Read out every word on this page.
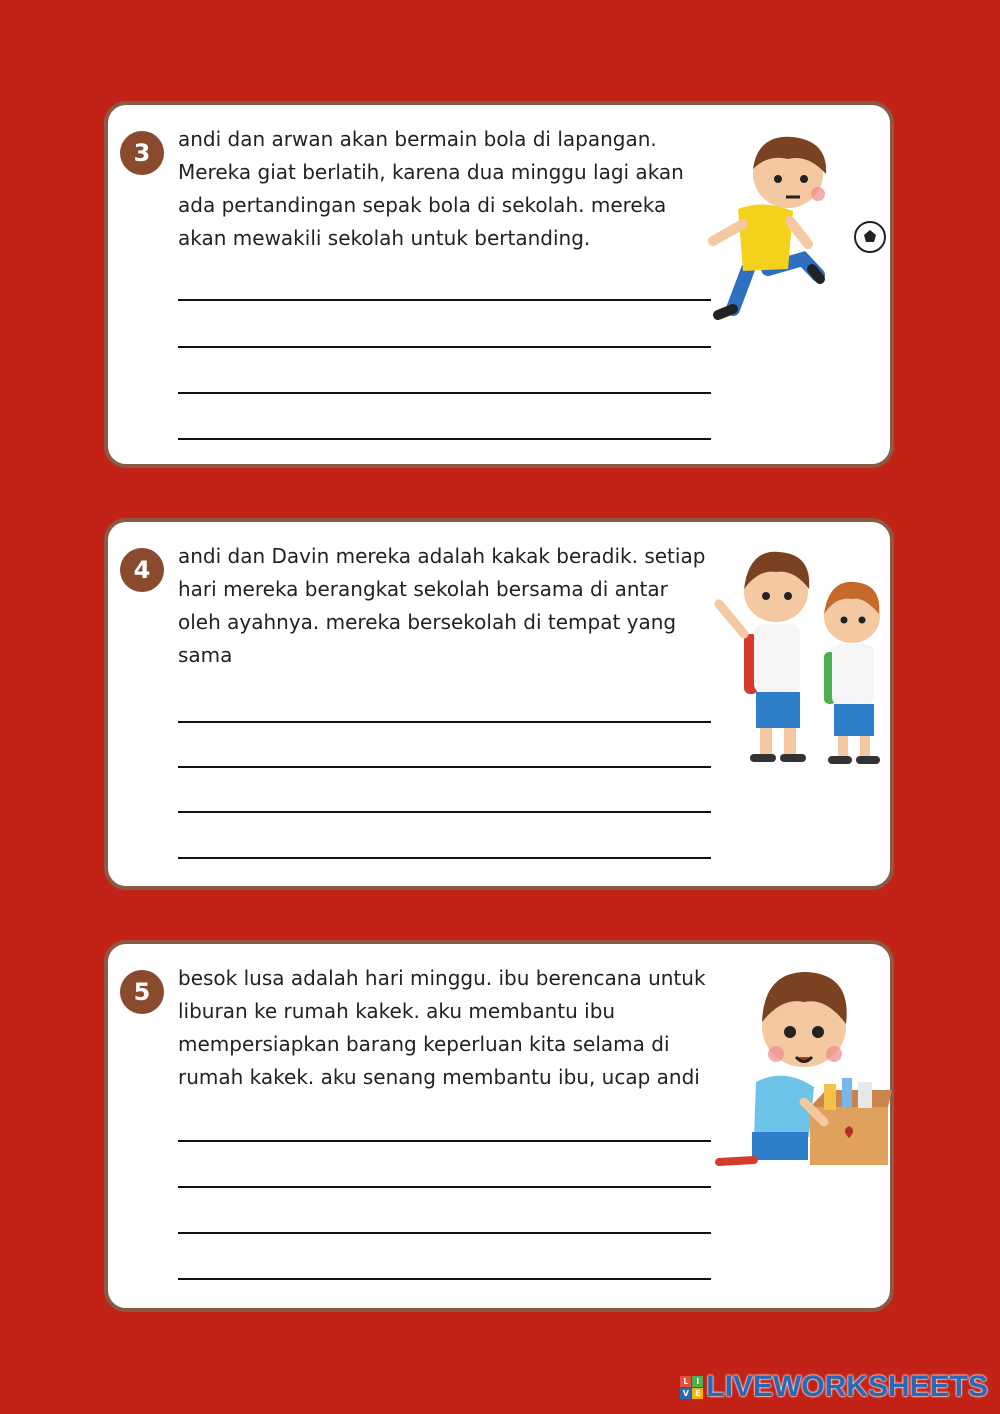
3	andi dan arwan akan bermain bola di lapangan.
Mereka giat berlatih, karena dua minggu lagi akan
ada pertandingan sepak bola di sekolah. mereka
akan mewakili sekolah untuk bertanding.

4	andi dan Davin mereka adalah kakak beradik. setiap
hari mereka berangkat sekolah bersama di antar
oleh ayahnya. mereka bersekolah di tempat yang
sama

5	besok lusa adalah hari minggu. ibu berencana untuk
liburan ke rumah kakek. aku membantu ibu
mempersiapkan barang keperluan kita selama di
rumah kakek. aku senang membantu ibu, ucap andi

L I
V E LIVEWORKSHEETS
